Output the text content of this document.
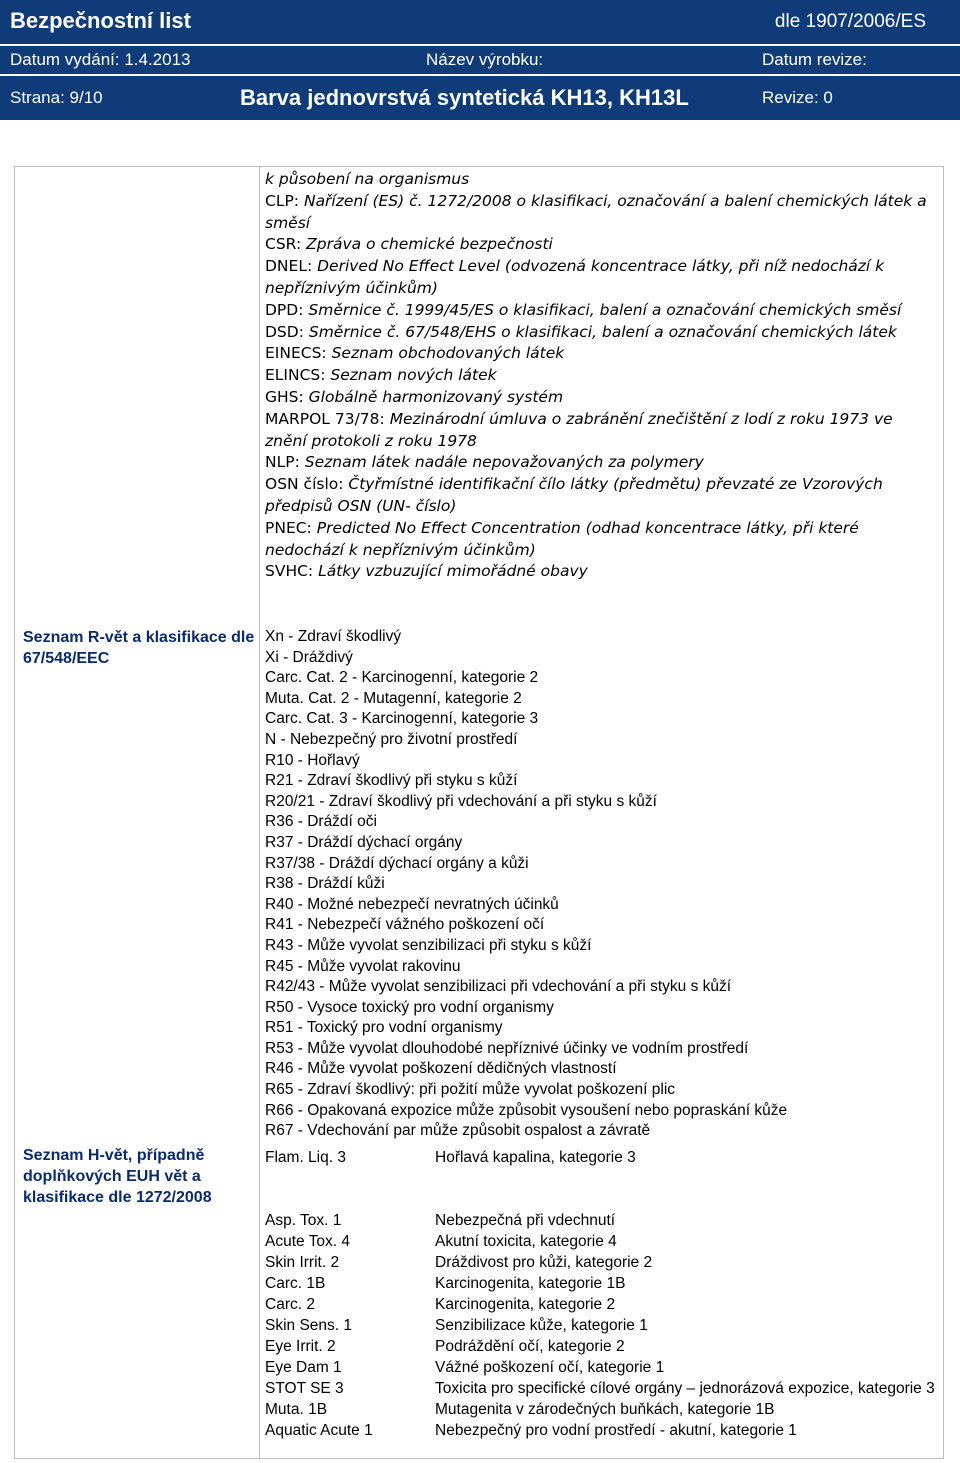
Bezpečnostní list	dle 1907/2006/ES
Datum vydání: 1.4.2013	Název výrobku:	Datum revize:
Strana: 9/10	Barva jednovrstvá syntetická KH13, KH13L	Revize: 0
k působení na organismus
CLP: Nařízení (ES) č. 1272/2008 o klasifikaci, označování a balení chemických látek a směsí
CSR: Zpráva o chemické bezpečnosti
DNEL: Derived No Effect Level (odvozená koncentrace látky, při níž nedochází k nepříznivým účinkům)
DPD: Směrnice č. 1999/45/ES o klasifikaci, balení a označování chemických směsí
DSD: Směrnice č. 67/548/EHS o klasifikaci, balení a označování chemických látek
EINECS: Seznam obchodovaných látek
ELINCS: Seznam nových látek
GHS: Globálně harmonizovaný systém
MARPOL 73/78: Mezinárodní úmluva o zabránění znečištění z lodí z roku 1973 ve znění protokoli z roku 1978
NLP: Seznam látek nadále nepovažovaných za polymery
OSN číslo: Čtyřmístné identifikační čílo látky (předmětu) převzaté ze Vzorových předpisů OSN (UN- číslo)
PNEC: Predicted No Effect Concentration (odhad koncentrace látky, při které nedochází k nepříznivým účinkům)
SVHC: Látky vzbuzující mimořádné obavy
Seznam R-vět a klasifikace dle 67/548/EEC
Xn - Zdraví škodlivý
Xi - Dráždivý
Carc. Cat. 2 - Karcinogenní, kategorie 2
Muta. Cat. 2 - Mutagenní, kategorie 2
Carc. Cat. 3 - Karcinogenní, kategorie 3
N - Nebezpečný pro životní prostředí
R10 - Hořlavý
R21 - Zdraví škodlivý při styku s kůží
R20/21 - Zdraví škodlivý při vdechování a při styku s kůží
R36 - Dráždí oči
R37 - Dráždí dýchací orgány
R37/38 - Dráždí dýchací orgány a kůži
R38 - Dráždí kůži
R40 - Možné nebezpečí nevratných účinků
R41 - Nebezpečí vážného poškození očí
R43 - Může vyvolat senzibilizaci při styku s kůží
R45 - Může vyvolat rakovinu
R42/43 - Může vyvolat senzibilizaci při vdechování a při styku s kůží
R50 - Vysoce toxický pro vodní organismy
R51 - Toxický pro vodní organismy
R53 - Může vyvolat dlouhodobé nepříznivé účinky ve vodním prostředí
R46 - Může vyvolat poškození dědičných vlastností
R65 - Zdraví škodlivý: při požití může vyvolat poškození plic
R66 - Opakovaná expozice může způsobit vysoušení nebo popraskání kůže
R67 - Vdechování par může způsobit ospalost a závratě
Seznam H-vět, případně doplňkových EUH vět a klasifikace dle 1272/2008
Flam. Liq. 3	Hořlavá kapalina, kategorie 3
Asp. Tox. 1	Nebezpečná při vdechnutí
Acute Tox. 4	Akutní toxicita, kategorie 4
Skin Irrit. 2	Dráždivost pro kůži, kategorie 2
Carc. 1B	Karcinogenita, kategorie 1B
Carc. 2	Karcinogenita, kategorie 2
Skin Sens. 1	Senzibilizace kůže, kategorie 1
Eye Irrit. 2	Podráždění očí, kategorie 2
Eye Dam 1	Vážné poškození očí, kategorie 1
STOT SE 3	Toxicita pro specifické cílové orgány – jednorázová expozice, kategorie 3
Muta. 1B	Mutagenita v zárodečných buňkách, kategorie 1B
Aquatic Acute 1	Nebezpečný pro vodní prostředí - akutní, kategorie 1
